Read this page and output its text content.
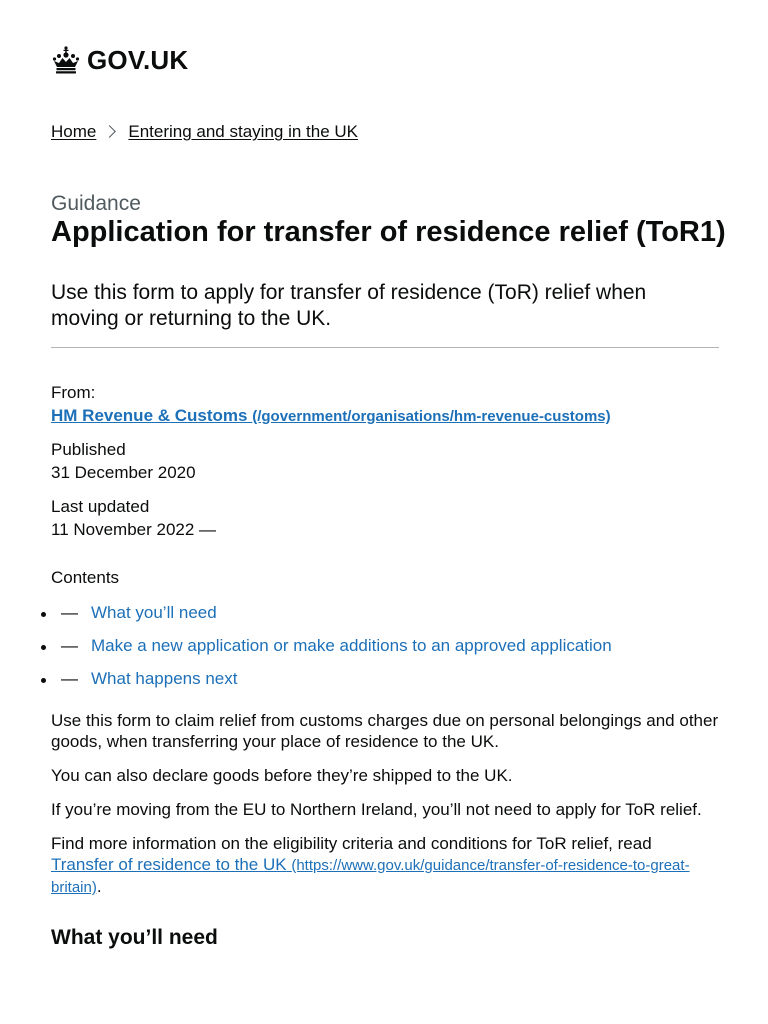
GOV.UK
Home Entering and staying in the UK
Guidance
Application for transfer of residence relief (ToR1)

Use this form to apply for transfer of residence (ToR) relief when moving or returning to the UK.

From:

HM Revenue & Customs (/government/organisations/hm-revenue-customs)

Published

31 December 2020

Last updated

11 November 2022 —

Contents
— What you’ll need
— Make a new application or make additions to an approved application
— What happens next

Use this form to claim relief from customs charges due on personal belongings and other goods, when transferring your place of residence to the UK.

You can also declare goods before they’re shipped to the UK.

If you’re moving from the EU to Northern Ireland, you’ll not need to apply for ToR relief.

Find more information on the eligibility criteria and conditions for ToR relief, read
Transfer of residence to the UK (https://www.gov.uk/guidance/transfer-of-residence-to-great-britain).

What you’ll need
